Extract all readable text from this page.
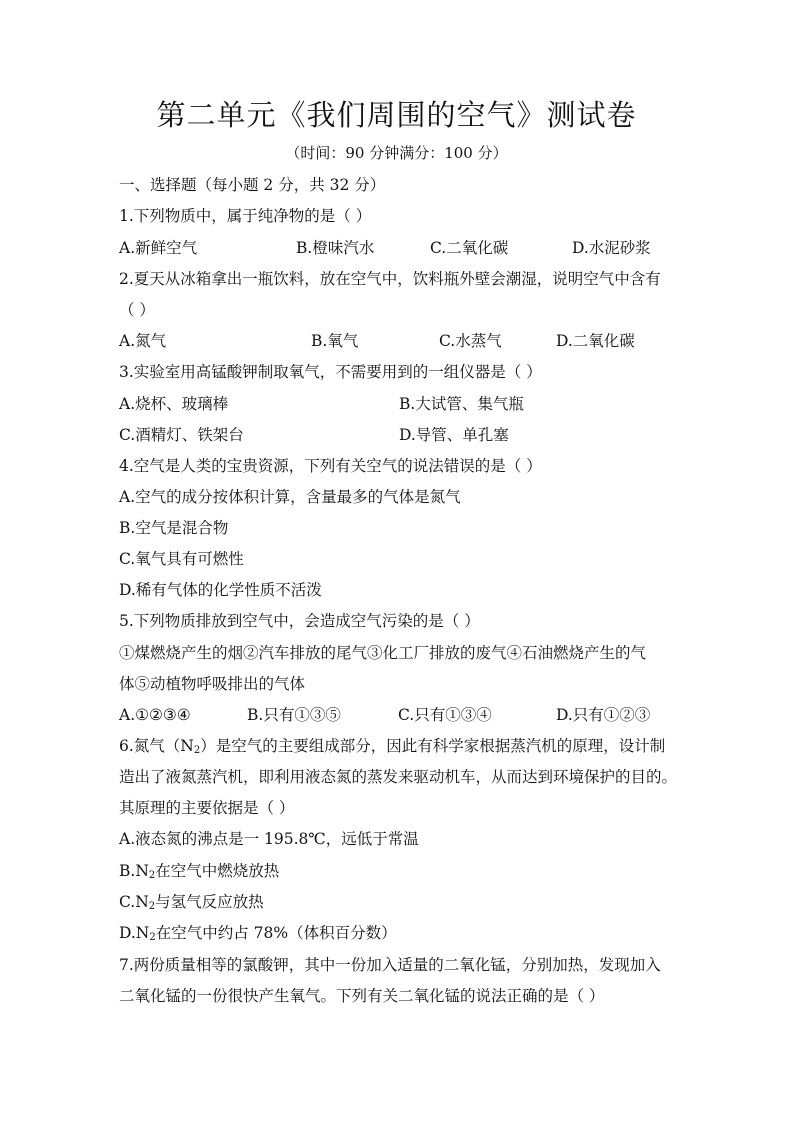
第二单元《我们周围的空气》测试卷
（时间：90 分钟满分：100 分）
一、选择题（每小题 2 分，共 32 分）
1.下列物质中，属于纯净物的是（ ）
A.新鲜空气	B.橙味汽水	C.二氧化碳	D.水泥砂浆
2.夏天从冰箱拿出一瓶饮料，放在空气中，饮料瓶外壁会潮湿，说明空气中含有
（ ）
A.氮气	B.氧气	C.水蒸气	D.二氧化碳
3.实验室用高锰酸钾制取氧气，不需要用到的一组仪器是（ ）
A.烧杯、玻璃棒	B.大试管、集气瓶
C.酒精灯、铁架台	D.导管、单孔塞
4.空气是人类的宝贵资源，下列有关空气的说法错误的是（ ）
A.空气的成分按体积计算，含量最多的气体是氮气
B.空气是混合物
C.氧气具有可燃性
D.稀有气体的化学性质不活泼
5.下列物质排放到空气中，会造成空气污染的是（ ）
①煤燃烧产生的烟②汽车排放的尾气③化工厂排放的废气④石油燃烧产生的气
体⑤动植物呼吸排出的气体
A.①②③④	B.只有①③⑤	C.只有①③④	D.只有①②③
6.氮气$(N_2)$是空气的主要组成部分，因此有科学家根据蒸汽机的原理，设计制
造出了液氮蒸汽机，即利用液态氮的蒸发来驱动机车，从而达到环境保护的目的。
其原理的主要依据是（ ）
A.液态氮的沸点是一 195.8℃，远低于常温
$B.N_2$在空气中燃烧放热
$C.N_2$与氢气反应放热
$D.N_2$在空气中约占 78%（体积百分数）
7.两份质量相等的氯酸钾，其中一份加入适量的二氧化锰，分别加热，发现加入
二氧化锰的一份很快产生氧气。下列有关二氧化锰的说法正确的是（ ）
